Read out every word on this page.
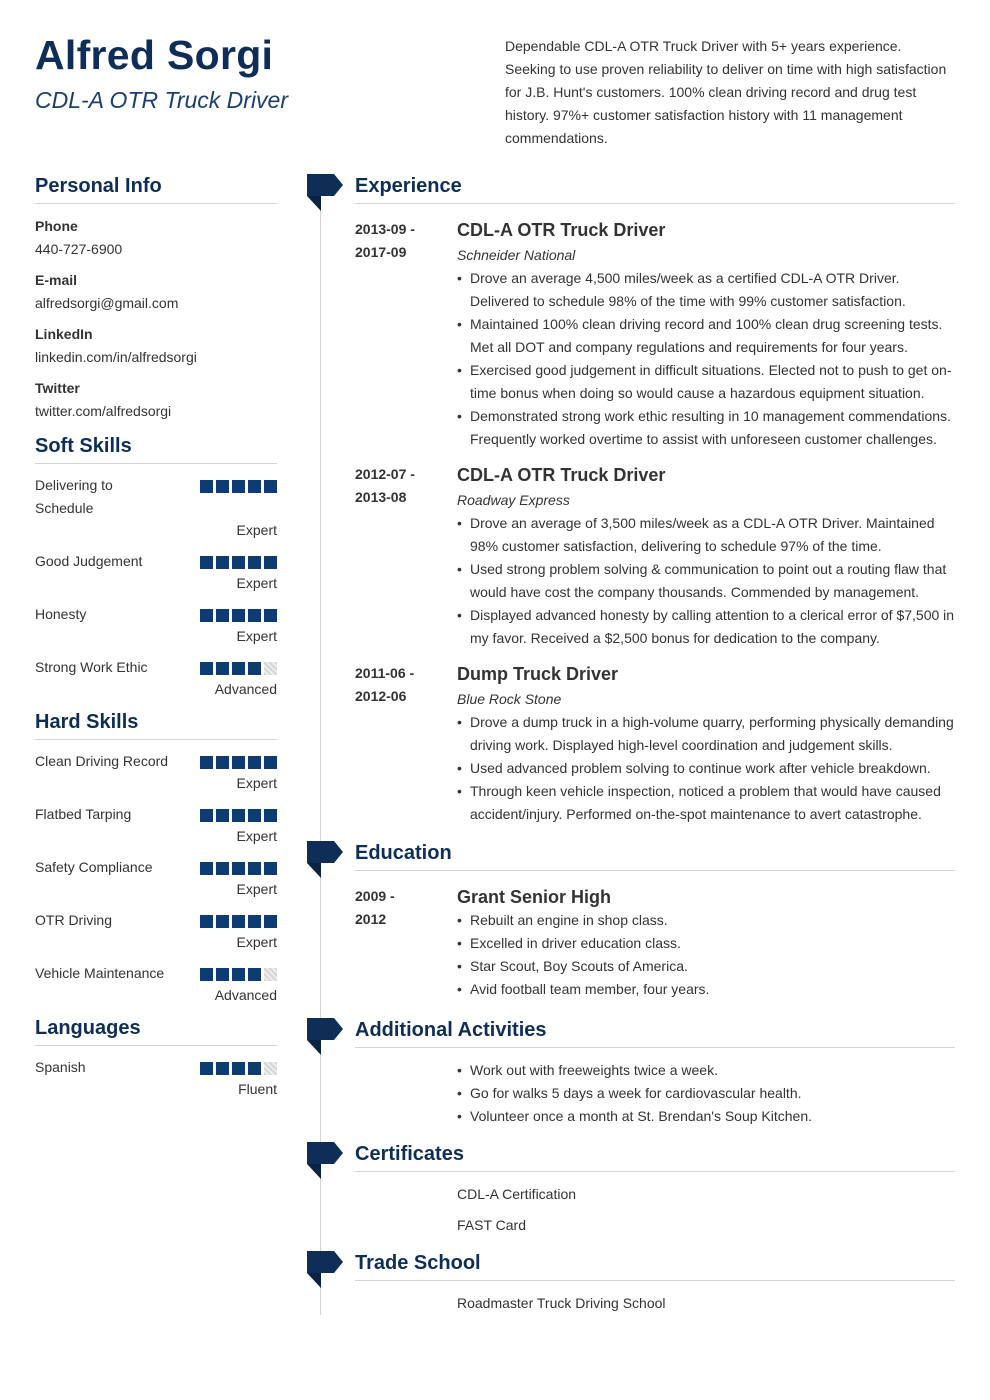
Alfred Sorgi
CDL-A OTR Truck Driver
Dependable CDL-A OTR Truck Driver with 5+ years experience. Seeking to use proven reliability to deliver on time with high satisfaction for J.B. Hunt's customers. 100% clean driving record and drug test history. 97%+ customer satisfaction history with 11 management commendations.
Personal Info
Phone
440-727-6900
E-mail
alfredsorgi@gmail.com
LinkedIn
linkedin.com/in/alfredsorgi
Twitter
twitter.com/alfredsorgi
Soft Skills
Delivering to Schedule
Expert
Good Judgement
Expert
Honesty
Expert
Strong Work Ethic
Advanced
Hard Skills
Clean Driving Record
Expert
Flatbed Tarping
Expert
Safety Compliance
Expert
OTR Driving
Expert
Vehicle Maintenance
Advanced
Languages
Spanish
Fluent
Experience
2013-09 -
2017-09
CDL-A OTR Truck Driver
Schneider National
• Drove an average 4,500 miles/week as a certified CDL-A OTR Driver. Delivered to schedule 98% of the time with 99% customer satisfaction.
• Maintained 100% clean driving record and 100% clean drug screening tests. Met all DOT and company regulations and requirements for four years.
• Exercised good judgement in difficult situations. Elected not to push to get on-time bonus when doing so would cause a hazardous equipment situation.
• Demonstrated strong work ethic resulting in 10 management commendations. Frequently worked overtime to assist with unforeseen customer challenges.
2012-07 -
2013-08
CDL-A OTR Truck Driver
Roadway Express
• Drove an average of 3,500 miles/week as a CDL-A OTR Driver. Maintained 98% customer satisfaction, delivering to schedule 97% of the time.
• Used strong problem solving & communication to point out a routing flaw that would have cost the company thousands. Commended by management.
• Displayed advanced honesty by calling attention to a clerical error of $7,500 in my favor. Received a $2,500 bonus for dedication to the company.
2011-06 -
2012-06
Dump Truck Driver
Blue Rock Stone
• Drove a dump truck in a high-volume quarry, performing physically demanding driving work. Displayed high-level coordination and judgement skills.
• Used advanced problem solving to continue work after vehicle breakdown.
• Through keen vehicle inspection, noticed a problem that would have caused accident/injury. Performed on-the-spot maintenance to avert catastrophe.
Education
2009 -
2012
Grant Senior High
• Rebuilt an engine in shop class.
• Excelled in driver education class.
• Star Scout, Boy Scouts of America.
• Avid football team member, four years.
Additional Activities
• Work out with freeweights twice a week.
• Go for walks 5 days a week for cardiovascular health.
• Volunteer once a month at St. Brendan's Soup Kitchen.
Certificates
CDL-A Certification
FAST Card
Trade School
Roadmaster Truck Driving School
